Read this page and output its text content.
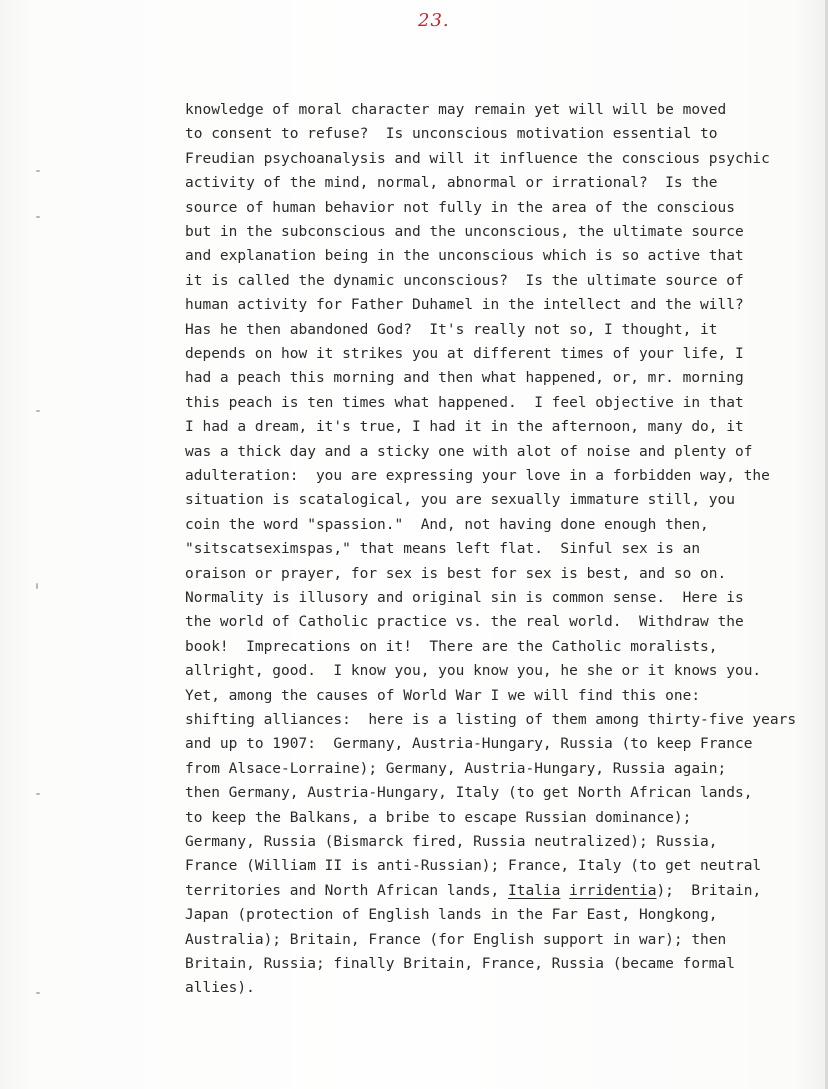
23.
knowledge of moral character may remain yet will will be moved
to consent to refuse?  Is unconscious motivation essential to
Freudian psychoanalysis and will it influence the conscious psychic
activity of the mind, normal, abnormal or irrational?  Is the
source of human behavior not fully in the area of the conscious
but in the subconscious and the unconscious, the ultimate source
and explanation being in the unconscious which is so active that
it is called the dynamic unconscious?  Is the ultimate source of
human activity for Father Duhamel in the intellect and the will?
Has he then abandoned God?  It's really not so, I thought, it
depends on how it strikes you at different times of your life, I
had a peach this morning and then what happened, or, mr. morning
this peach is ten times what happened.  I feel objective in that
I had a dream, it's true, I had it in the afternoon, many do, it
was a thick day and a sticky one with alot of noise and plenty of
adulteration:  you are expressing your love in a forbidden way, the
situation is scatalogical, you are sexually immature still, you
coin the word "spassion."  And, not having done enough then,
"sitscatseximspas," that means left flat.  Sinful sex is an
oraison or prayer, for sex is best for sex is best, and so on.
Normality is illusory and original sin is common sense.  Here is
the world of Catholic practice vs. the real world.  Withdraw the
book!  Imprecations on it!  There are the Catholic moralists,
allright, good.  I know you, you know you, he she or it knows you.
Yet, among the causes of World War I we will find this one:
shifting alliances:  here is a listing of them among thirty-five years
and up to 1907:  Germany, Austria-Hungary, Russia (to keep France
from Alsace-Lorraine); Germany, Austria-Hungary, Russia again;
then Germany, Austria-Hungary, Italy (to get North African lands,
to keep the Balkans, a bribe to escape Russian dominance);
Germany, Russia (Bismarck fired, Russia neutralized); Russia,
France (William II is anti-Russian); France, Italy (to get neutral
territories and North African lands, Italia irridentia);  Britain,
Japan (protection of English lands in the Far East, Hongkong,
Australia); Britain, France (for English support in war); then
Britain, Russia; finally Britain, France, Russia (became formal
allies).
